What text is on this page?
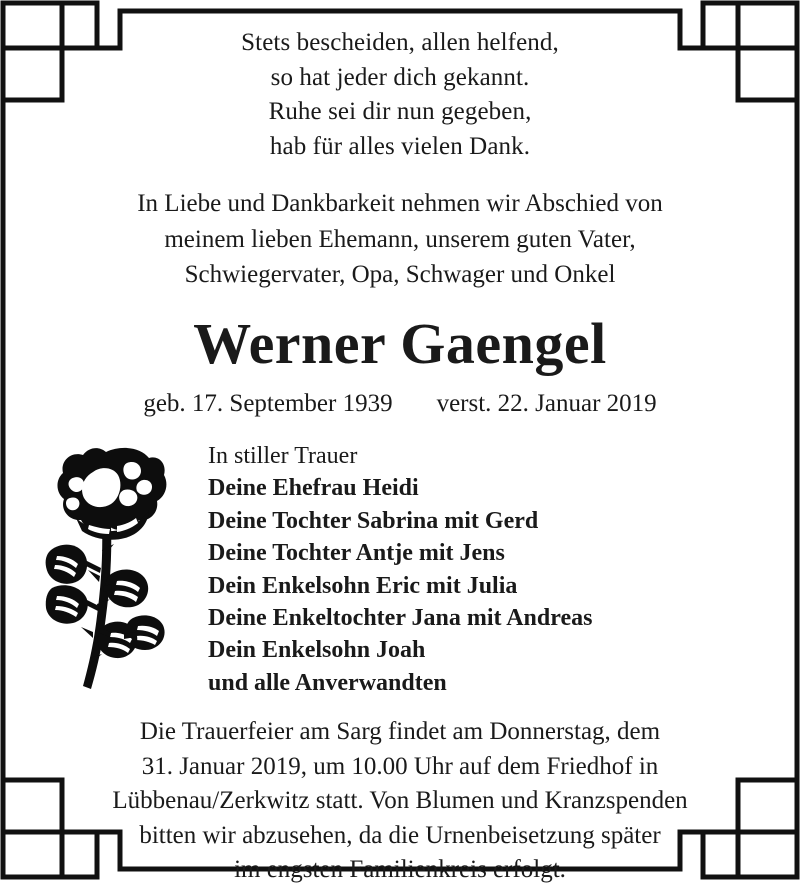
Stets bescheiden, allen helfend,
so hat jeder dich gekannt.
Ruhe sei dir nun gegeben,
hab für alles vielen Dank.
In Liebe und Dankbarkeit nehmen wir Abschied von
meinem lieben Ehemann, unserem guten Vater,
Schwiegervater, Opa, Schwager und Onkel
Werner Gaengel
geb. 17. September 1939 verst. 22. Januar 2019
In stiller Trauer
Deine Ehefrau Heidi
Deine Tochter Sabrina mit Gerd
Deine Tochter Antje mit Jens
Dein Enkelsohn Eric mit Julia
Deine Enkeltochter Jana mit Andreas
Dein Enkelsohn Joah
und alle Anverwandten
Die Trauerfeier am Sarg findet am Donnerstag, dem
31. Januar 2019, um 10.00 Uhr auf dem Friedhof in
Lübbenau/Zerkwitz statt. Von Blumen und Kranzspenden
bitten wir abzusehen, da die Urnenbeisetzung später
im engsten Familienkreis erfolgt.
